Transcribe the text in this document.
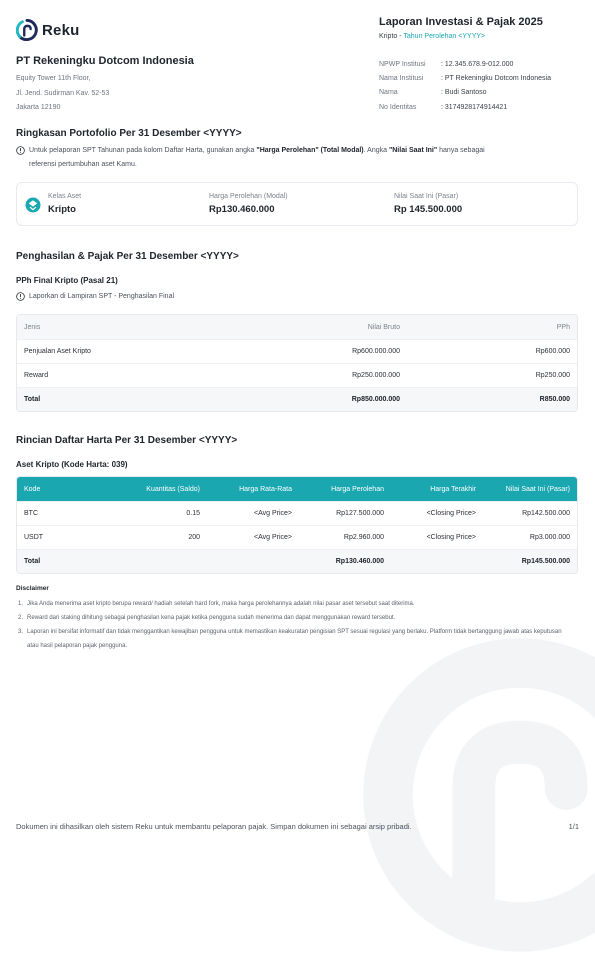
Reku
PT Rekeningku Dotcom Indonesia
Equity Tower 11th Floor,
Jl. Jend. Sudirman Kav. 52-53
Jakarta 12190
Laporan Investasi & Pajak 2025
Kripto - Tahun Perolehan <YYYY>
NPWP Institusi	: 12.345.678.9-012.000
Nama Institusi	: PT Rekeningku Dotcom Indonesia
Nama	: Budi Santoso
No Identitas	: 3174928174914421
Ringkasan Portofolio Per 31 Desember <YYYY>
Untuk pelaporan SPT Tahunan pada kolom Daftar Harta, gunakan angka "Harga Perolehan" (Total Modal). Angka "Nilai Saat Ini" hanya sebagai
referensi pertumbuhan aset Kamu.
Kelas Aset
Kripto
Harga Perolehan (Modal)
Rp130.460.000
Nilai Saat Ini (Pasar)
Rp 145.500.000
Penghasilan & Pajak Per 31 Desember <YYYY>
PPh Final Kripto (Pasal 21)
Laporkan di Lampiran SPT - Penghasilan Final
Jenis	Nilai Bruto	PPh
Penjualan Aset Kripto	Rp600.000.000	Rp600.000
Reward	Rp250.000.000	Rp250.000
Total	Rp850.000.000	R850.000
Rincian Daftar Harta Per 31 Desember <YYYY>
Aset Kripto (Kode Harta: 039)
Kode	Kuantitas (Saldo)	Harga Rata-Rata	Harga Perolehan	Harga Terakhir	Nilai Saat Ini (Pasar)
BTC	0.15	<Avg Price>	Rp127.500.000	<Closing Price>	Rp142.500.000
USDT	200	<Avg Price>	Rp2.960.000	<Closing Price>	Rp3.000.000
Total			Rp130.460.000		Rp145.500.000
Disclaimer
1. Jika Anda menerima aset kripto berupa reward/ hadiah setelah hard fork, maka harga perolehannya adalah nilai pasar aset tersebut saat diterima.
2. Reward dari staking dihitung sebagai penghasilan kena pajak ketika pengguna sudah menerima dan dapat menggunakan reward tersebut.
3. Laporan ini bersifat informatif dan tidak menggantikan kewajiban pengguna untuk memastikan keakuratan pengisian SPT sesuai regulasi yang berlaku. Platform tidak bertanggung jawab atas keputusan atau hasil pelaporan pajak pengguna.
Dokumen ini dihasilkan oleh sistem Reku untuk membantu pelaporan pajak. Simpan dokumen ini sebagai arsip pribadi.	1/1
